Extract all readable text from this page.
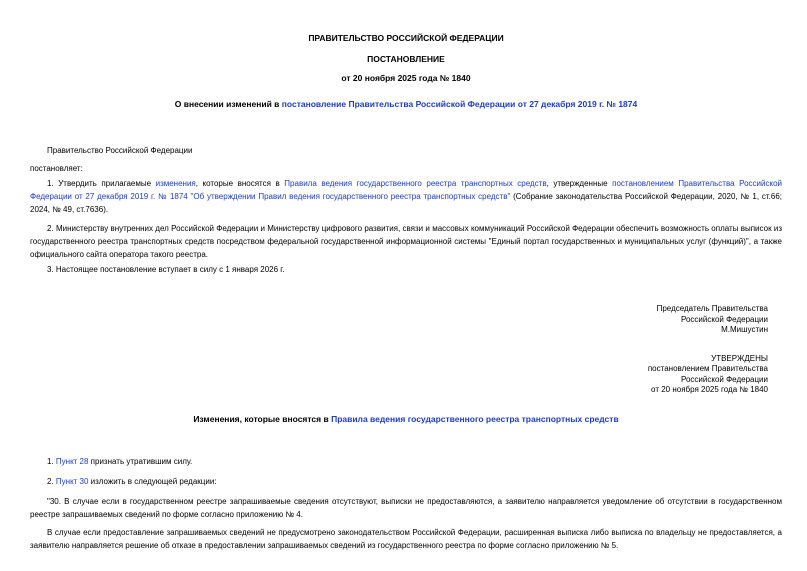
ПРАВИТЕЛЬСТВО РОССИЙСКОЙ ФЕДЕРАЦИИ
ПОСТАНОВЛЕНИЕ
от 20 ноября 2025 года № 1840
О внесении изменений в постановление Правительства Российской Федерации от 27 декабря 2019 г. № 1874
Правительство Российской Федерации
постановляет:
1. Утвердить прилагаемые изменения, которые вносятся в Правила ведения государственного реестра транспортных средств, утвержденные постановлением Правительства Российской Федерации от 27 декабря 2019 г. № 1874 "Об утверждении Правил ведения государственного реестра транспортных средств" (Собрание законодательства Российской Федерации, 2020, № 1, ст.66; 2024, № 49, ст.7636).
2. Министерству внутренних дел Российской Федерации и Министерству цифрового развития, связи и массовых коммуникаций Российской Федерации обеспечить возможность оплаты выписок из государственного реестра транспортных средств посредством федеральной государственной информационной системы "Единый портал государственных и муниципальных услуг (функций)", а также официального сайта оператора такого реестра.
3. Настоящее постановление вступает в силу с 1 января 2026 г.
Председатель Правительства
Российской Федерации
М.Мишустин
УТВЕРЖДЕНЫ
постановлением Правительства
Российской Федерации
от 20 ноября 2025 года № 1840
Изменения, которые вносятся в Правила ведения государственного реестра транспортных средств
1. Пункт 28 признать утратившим силу.
2. Пункт 30 изложить в следующей редакции:
"30. В случае если в государственном реестре запрашиваемые сведения отсутствуют, выписки не предоставляются, а заявителю направляется уведомление об отсутствии в государственном реестре запрашиваемых сведений по форме согласно приложению № 4.
В случае если предоставление запрашиваемых сведений не предусмотрено законодательством Российской Федерации, расширенная выписка либо выписка по владельцу не предоставляется, а заявителю направляется решение об отказе в предоставлении запрашиваемых сведений из государственного реестра по форме согласно приложению № 5.
